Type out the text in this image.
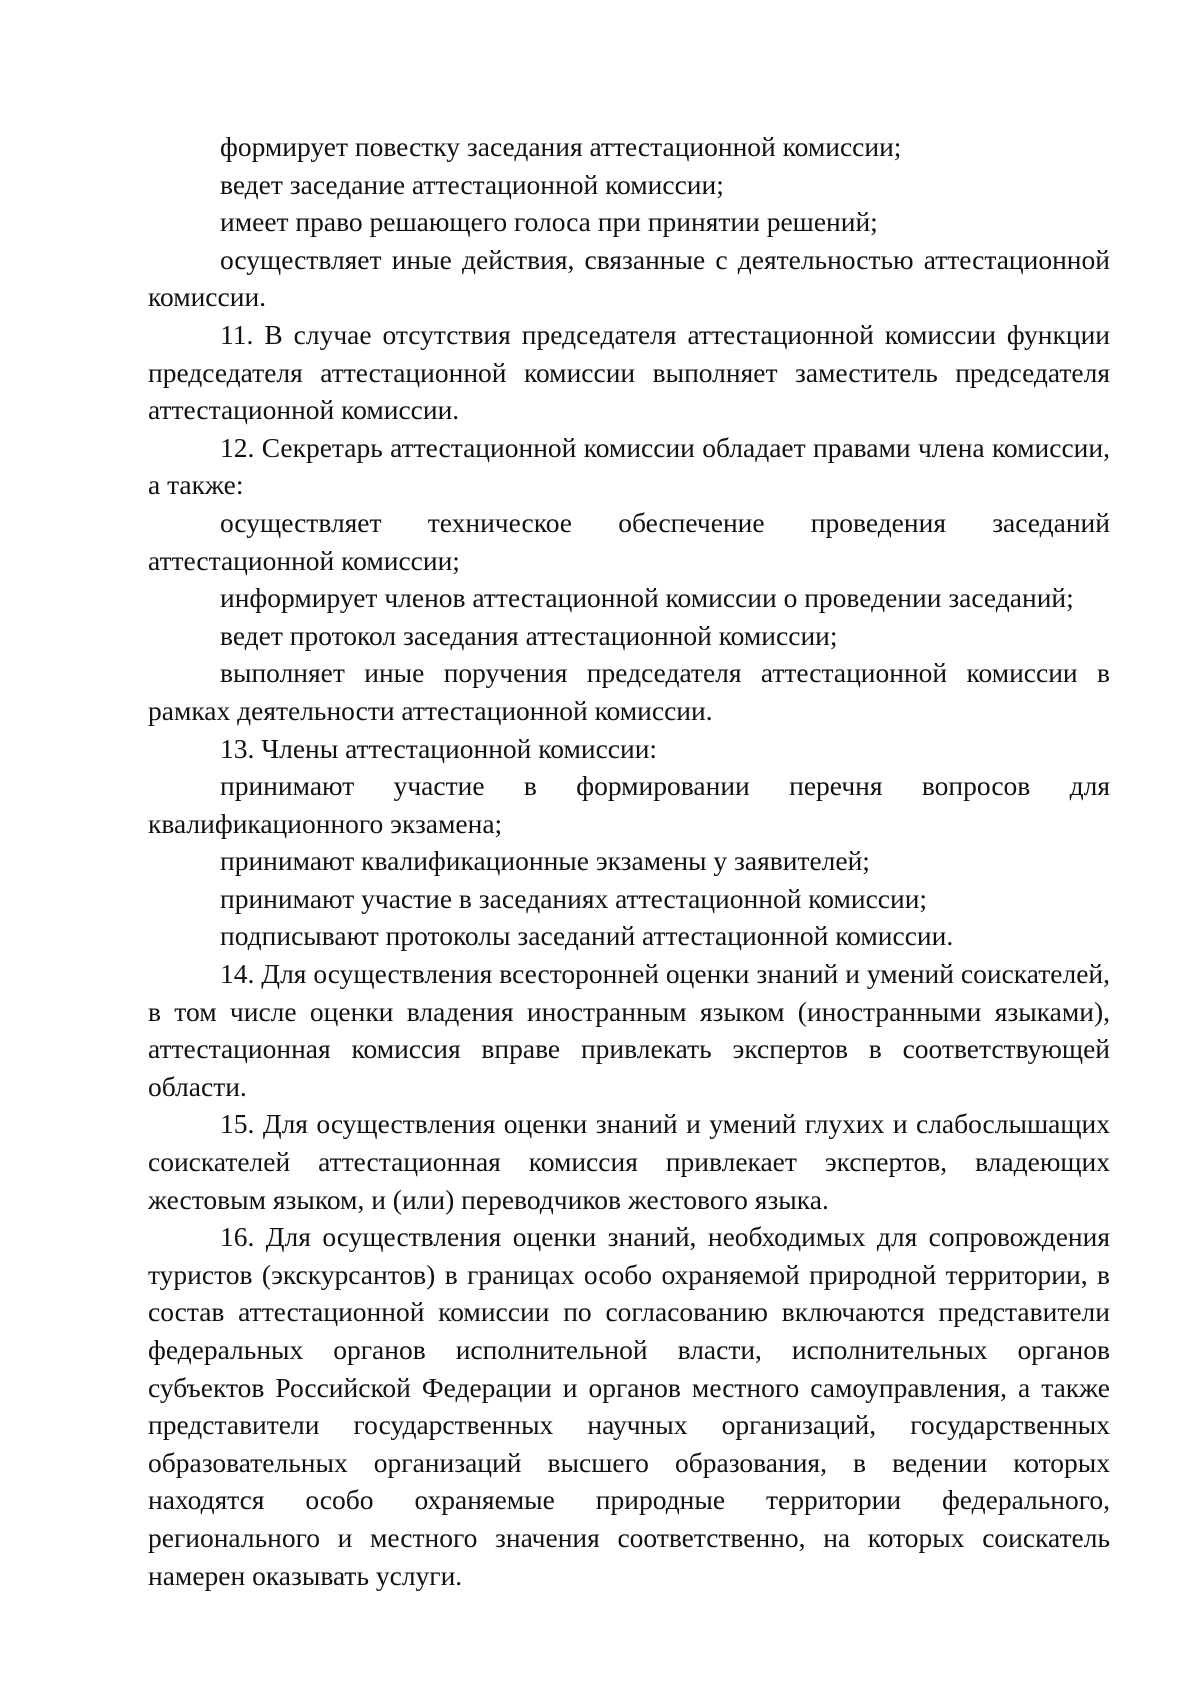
формирует повестку заседания аттестационной комиссии;

ведет заседание аттестационной комиссии;

имеет право решающего голоса при принятии решений;

осуществляет иные действия, связанные с деятельностью аттестационной комиссии.

11. В случае отсутствия председателя аттестационной комиссии функции председателя аттестационной комиссии выполняет заместитель председателя аттестационной комиссии.

12. Секретарь аттестационной комиссии обладает правами члена комиссии, а также:

осуществляет техническое обеспечение проведения заседаний аттестационной комиссии;

информирует членов аттестационной комиссии о проведении заседаний;

ведет протокол заседания аттестационной комиссии;

выполняет иные поручения председателя аттестационной комиссии в рамках деятельности аттестационной комиссии.

13. Члены аттестационной комиссии:

принимают участие в формировании перечня вопросов для квалификационного экзамена;

принимают квалификационные экзамены у заявителей;

принимают участие в заседаниях аттестационной комиссии;

подписывают протоколы заседаний аттестационной комиссии.

14. Для осуществления всесторонней оценки знаний и умений соискателей, в том числе оценки владения иностранным языком (иностранными языками), аттестационная комиссия вправе привлекать экспертов в соответствующей области.

15. Для осуществления оценки знаний и умений глухих и слабослышащих соискателей аттестационная комиссия привлекает экспертов, владеющих жестовым языком, и (или) переводчиков жестового языка.

16. Для осуществления оценки знаний, необходимых для сопровождения туристов (экскурсантов) в границах особо охраняемой природной территории, в состав аттестационной комиссии по согласованию включаются представители федеральных органов исполнительной власти, исполнительных органов субъектов Российской Федерации и органов местного самоуправления, а также представители государственных научных организаций, государственных образовательных организаций высшего образования, в ведении которых находятся особо охраняемые природные территории федерального, регионального и местного значения соответственно, на которых соискатель намерен оказывать услуги.
